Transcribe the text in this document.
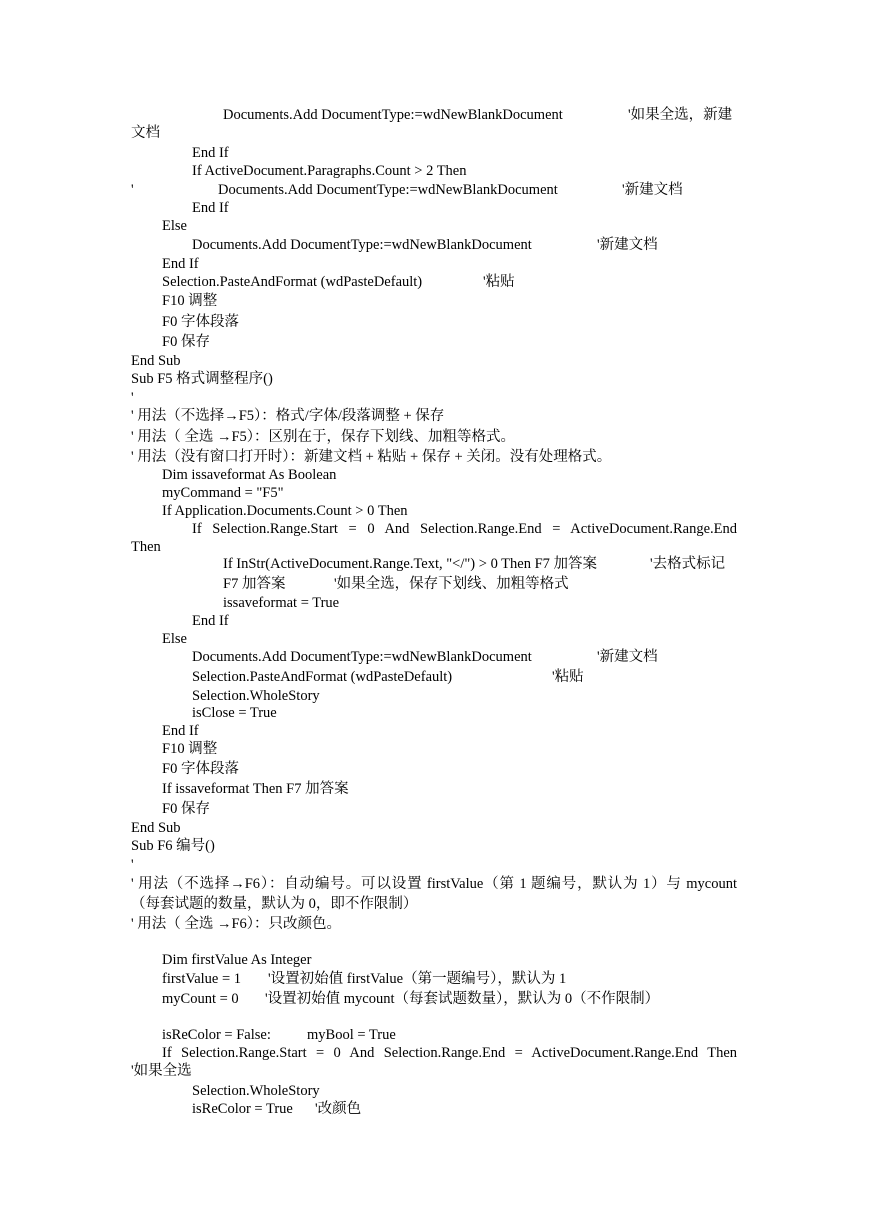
Documents.Add DocumentType:=wdNewBlankDocument	'如果全选，新建
文档
End If
If ActiveDocument.Paragraphs.Count > 2 Then
'	Documents.Add DocumentType:=wdNewBlankDocument	'新建文档
End If
Else
Documents.Add DocumentType:=wdNewBlankDocument	'新建文档
End If
Selection.PasteAndFormat (wdPasteDefault)	'粘贴
F10 调整
F0 字体段落
F0 保存
End Sub
Sub F5 格式调整程序()
'
' 用法（不选择→F5）：格式/字体/段落调整 + 保存
' 用法（ 全选 →F5）：区别在于，保存下划线、加粗等格式。
' 用法（没有窗口打开时）：新建文档 + 粘贴 + 保存 + 关闭。没有处理格式。
Dim issaveformat As Boolean
myCommand = "F5"
If Application.Documents.Count > 0 Then
If Selection.Range.Start = 0 And Selection.Range.End = ActiveDocument.Range.End
Then
If InStr(ActiveDocument.Range.Text, "</") > 0 Then F7 加答案	'去格式标记
F7 加答案	'如果全选，保存下划线、加粗等格式
issaveformat = True
End If
Else
Documents.Add DocumentType:=wdNewBlankDocument	'新建文档
Selection.PasteAndFormat (wdPasteDefault)	'粘贴
Selection.WholeStory
isClose = True
End If
F10 调整
F0 字体段落
If issaveformat Then F7 加答案
F0 保存
End Sub
Sub F6 编号()
'
' 用法（不选择→F6）：自动编号。可以设置 firstValue（第 1 题编号，默认为 1）与 mycount
（每套试题的数量，默认为 0，即不作限制）
' 用法（ 全选 →F6）：只改颜色。
Dim firstValue As Integer
firstValue = 1 '设置初始值 firstValue（第一题编号），默认为 1
myCount = 0 '设置初始值 mycount（每套试题数量），默认为 0（不作限制）
isReColor = False: myBool = True
If Selection.Range.Start = 0 And Selection.Range.End = ActiveDocument.Range.End Then
'如果全选
Selection.WholeStory
isReColor = True '改颜色
